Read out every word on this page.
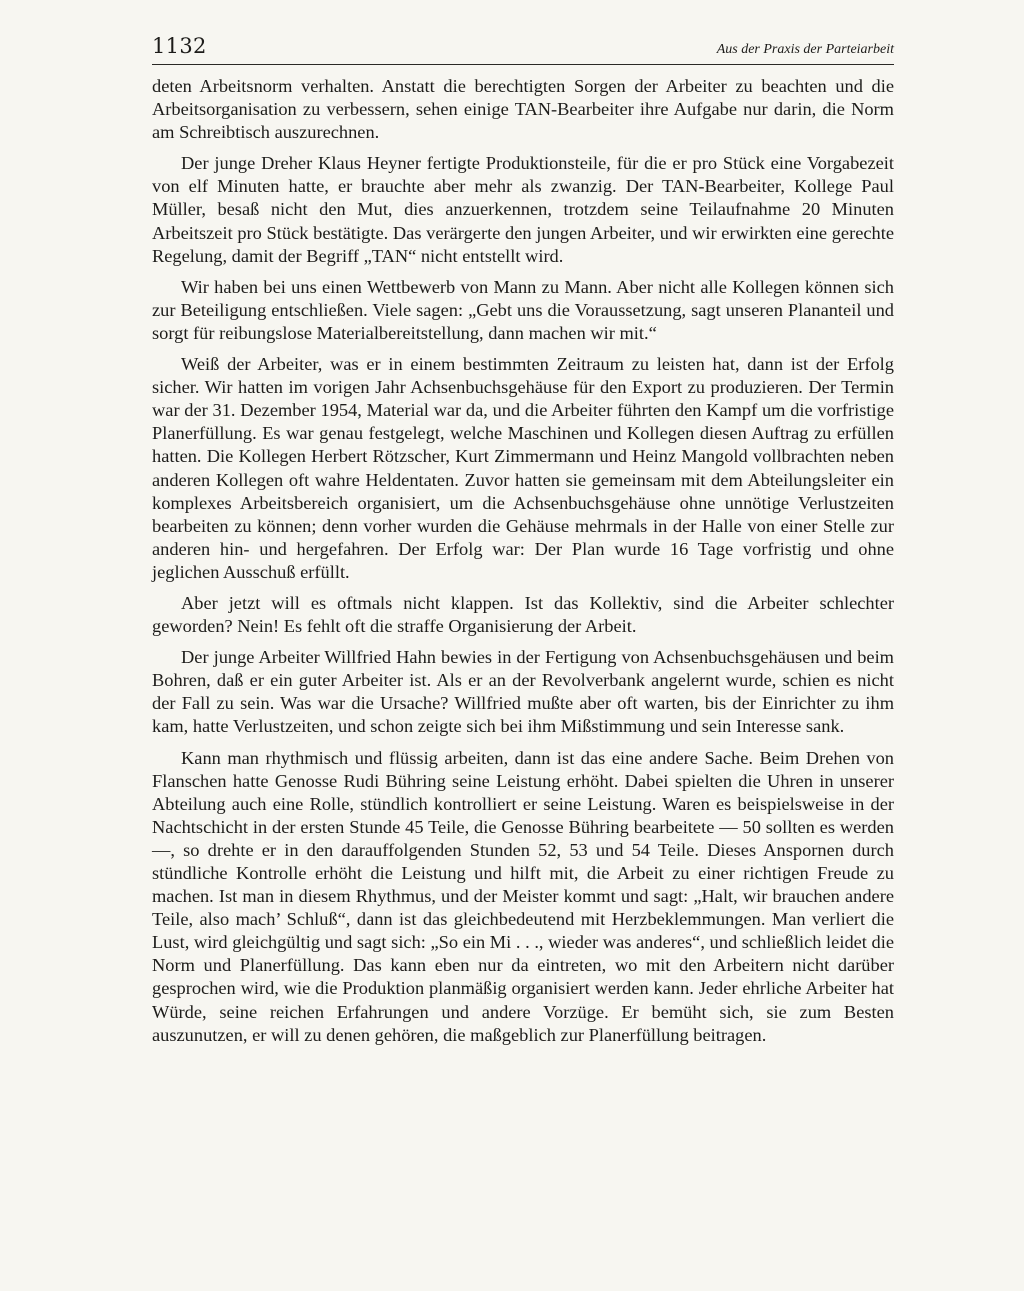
1132	Aus der Praxis der Parteiarbeit

deten Arbeitsnorm verhalten. Anstatt die berechtigten Sorgen der Arbeiter zu beachten und die Arbeitsorganisation zu verbessern, sehen einige TAN-Bearbeiter ihre Aufgabe nur darin, die Norm am Schreibtisch auszurechnen.

Der junge Dreher Klaus Heyner fertigte Produktionsteile, für die er pro Stück eine Vorgabezeit von elf Minuten hatte, er brauchte aber mehr als zwanzig. Der TAN-Bearbeiter, Kollege Paul Müller, besaß nicht den Mut, dies anzuerkennen, trotzdem seine Teilaufnahme 20 Minuten Arbeitszeit pro Stück bestätigte. Das verärgerte den jungen Arbeiter, und wir erwirkten eine gerechte Regelung, damit der Begriff „TAN“ nicht entstellt wird.

Wir haben bei uns einen Wettbewerb von Mann zu Mann. Aber nicht alle Kollegen können sich zur Beteiligung entschließen. Viele sagen: „Gebt uns die Voraussetzung, sagt unseren Plananteil und sorgt für reibungslose Materialbereitstellung, dann machen wir mit.“

Weiß der Arbeiter, was er in einem bestimmten Zeitraum zu leisten hat, dann ist der Erfolg sicher. Wir hatten im vorigen Jahr Achsenbuchsgehäuse für den Export zu produzieren. Der Termin war der 31. Dezember 1954, Material war da, und die Arbeiter führten den Kampf um die vorfristige Planerfüllung. Es war genau festgelegt, welche Maschinen und Kollegen diesen Auftrag zu erfüllen hatten. Die Kollegen Herbert Rötzscher, Kurt Zimmermann und Heinz Mangold vollbrachten neben anderen Kollegen oft wahre Heldentaten. Zuvor hatten sie gemeinsam mit dem Abteilungsleiter ein komplexes Arbeitsbereich organisiert, um die Achsenbuchsgehäuse ohne unnötige Verlustzeiten bearbeiten zu können; denn vorher wurden die Gehäuse mehrmals in der Halle von einer Stelle zur anderen hin- und hergefahren. Der Erfolg war: Der Plan wurde 16 Tage vorfristig und ohne jeglichen Ausschuß erfüllt.

Aber jetzt will es oftmals nicht klappen. Ist das Kollektiv, sind die Arbeiter schlechter geworden? Nein! Es fehlt oft die straffe Organisierung der Arbeit.

Der junge Arbeiter Willfried Hahn bewies in der Fertigung von Achsenbuchsgehäusen und beim Bohren, daß er ein guter Arbeiter ist. Als er an der Revolverbank angelernt wurde, schien es nicht der Fall zu sein. Was war die Ursache? Willfried mußte aber oft warten, bis der Einrichter zu ihm kam, hatte Verlustzeiten, und schon zeigte sich bei ihm Mißstimmung und sein Interesse sank.

Kann man rhythmisch und flüssig arbeiten, dann ist das eine andere Sache. Beim Drehen von Flanschen hatte Genosse Rudi Bühring seine Leistung erhöht. Dabei spielten die Uhren in unserer Abteilung auch eine Rolle, stündlich kontrolliert er seine Leistung. Waren es beispielsweise in der Nachtschicht in der ersten Stunde 45 Teile, die Genosse Bühring bearbeitete — 50 sollten es werden —, so drehte er in den darauffolgenden Stunden 52, 53 und 54 Teile. Dieses Anspornen durch stündliche Kontrolle erhöht die Leistung und hilft mit, die Arbeit zu einer richtigen Freude zu machen. Ist man in diesem Rhythmus, und der Meister kommt und sagt: „Halt, wir brauchen andere Teile, also mach’ Schluß“, dann ist das gleichbedeutend mit Herzbeklemmungen. Man verliert die Lust, wird gleichgültig und sagt sich: „So ein Mi . . ., wieder was anderes“, und schließlich leidet die Norm und Planerfüllung. Das kann eben nur da eintreten, wo mit den Arbeitern nicht darüber gesprochen wird, wie die Produktion planmäßig organisiert werden kann. Jeder ehrliche Arbeiter hat Würde, seine reichen Erfahrungen und andere Vorzüge. Er bemüht sich, sie zum Besten auszunutzen, er will zu denen gehören, die maßgeblich zur Planerfüllung beitragen.
